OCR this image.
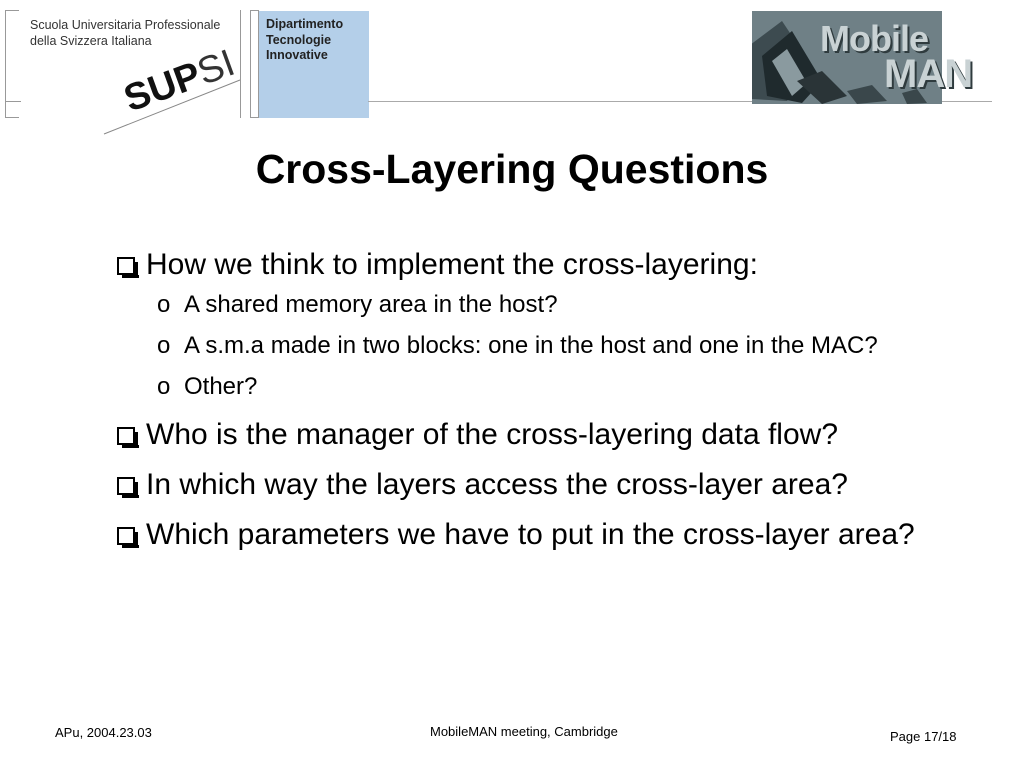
Scuola Universitaria Professionale
della Svizzera Italiana
SUPSI
Dipartimento
Tecnologie
Innovative	Mobile
MAN
Cross-Layering Questions
How we think to implement the cross-layering:
o A shared memory area in the host?
o A s.m.a made in two blocks: one in the host and one in the MAC?
o Other?
Who is the manager of the cross-layering data flow?
In which way the layers access the cross-layer area?
Which parameters we have to put in the cross-layer area?
APu, 2004.23.03	MobileMAN meeting, Cambridge	Page 17/18
